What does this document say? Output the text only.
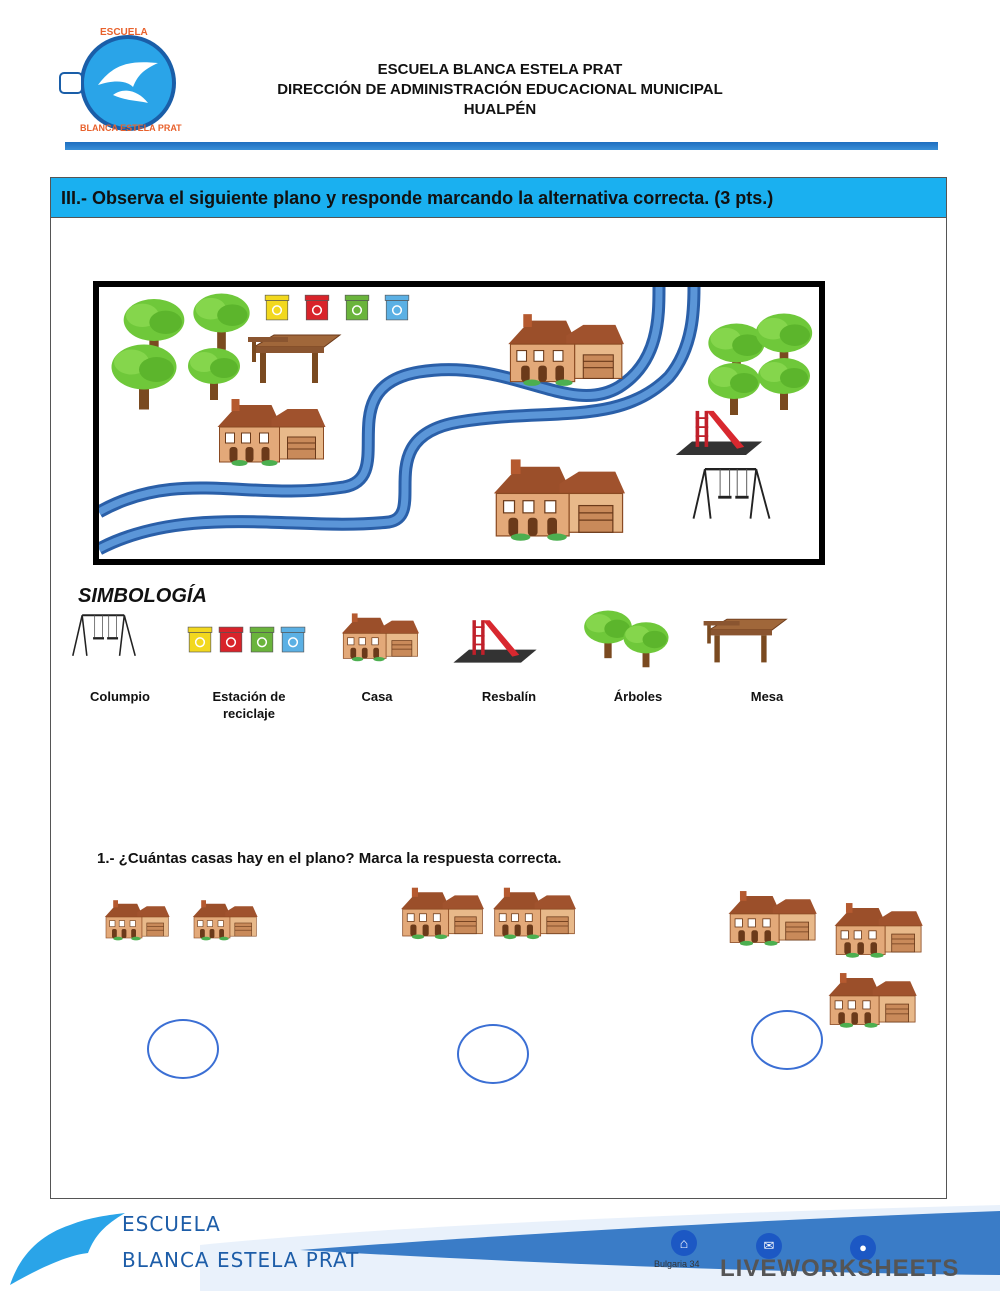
ESCUELA
BLANCA ESTELA PRAT
ESCUELA BLANCA ESTELA PRAT
DIRECCIÓN DE ADMINISTRACIÓN EDUCACIONAL MUNICIPAL
HUALPÉN
III.- Observa el siguiente plano y responde marcando la alternativa correcta. (3 pts.)
SIMBOLOGÍA
Columpio	Estación de reciclaje
Casa	Resbalín	Árboles	Mesa
1.- ¿Cuántas casas hay en el plano? Marca la respuesta correcta.
ESCUELA
BLANCA ESTELA PRAT
⌂	✉	●
Bulgaria 34 LIVEWORKSHEETS
